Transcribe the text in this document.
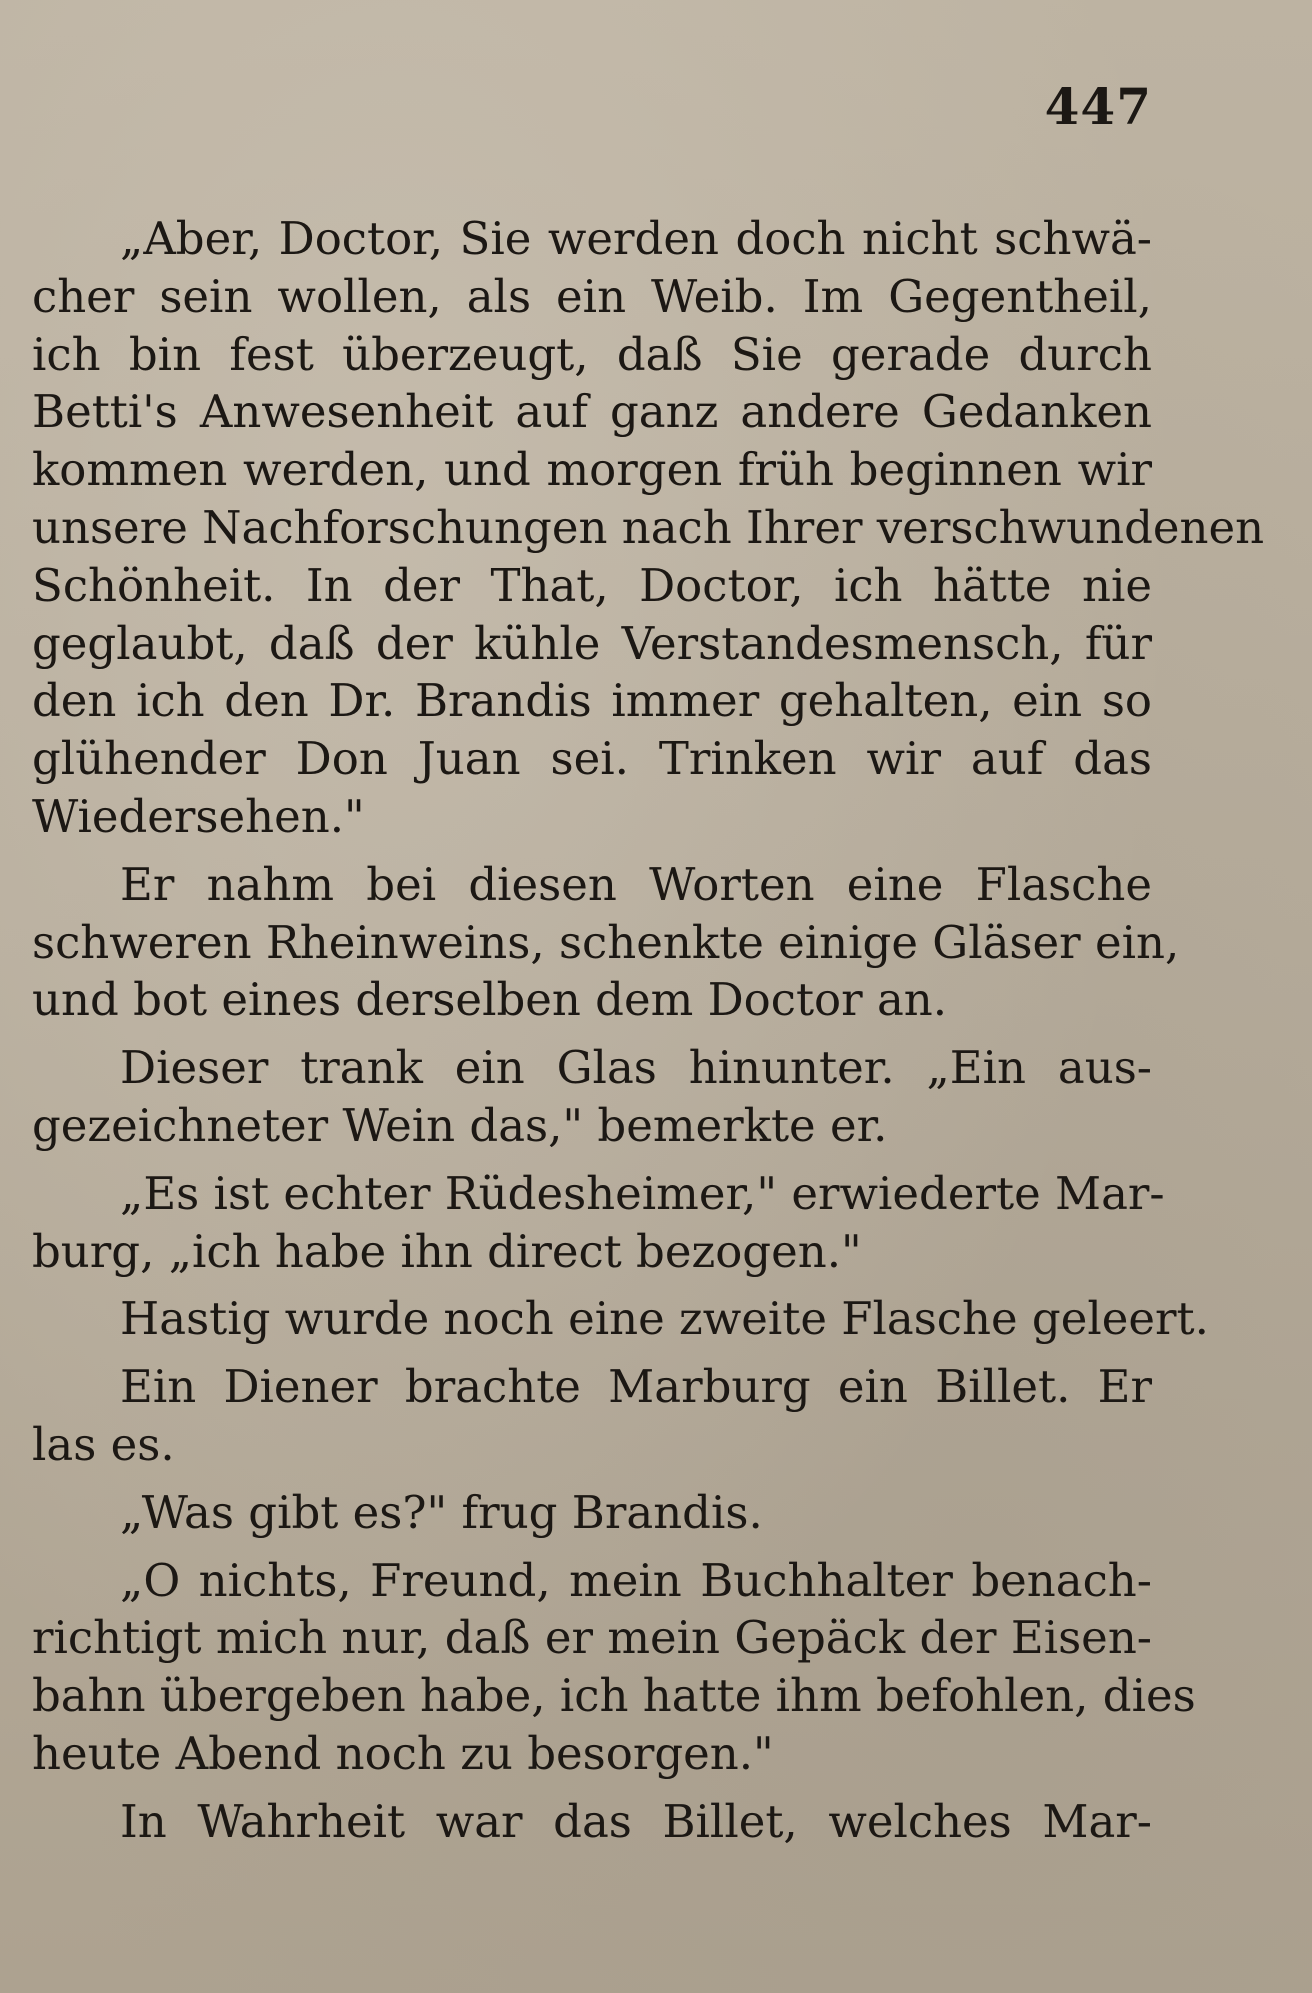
447

„Aber, Doctor, Sie werden doch nicht schwä-
cher sein wollen, als ein Weib. Im Gegentheil,
ich bin fest überzeugt, daß Sie gerade durch
Betti's Anwesenheit auf ganz andere Gedanken
kommen werden, und morgen früh beginnen wir
unsere Nachforschungen nach Ihrer verschwundenen
Schönheit. In der That, Doctor, ich hätte nie
geglaubt, daß der kühle Verstandesmensch, für
den ich den Dr. Brandis immer gehalten, ein so
glühender Don Juan sei. Trinken wir auf das
Wiedersehen."

Er nahm bei diesen Worten eine Flasche
schweren Rheinweins, schenkte einige Gläser ein,
und bot eines derselben dem Doctor an.

Dieser trank ein Glas hinunter. „Ein aus-
gezeichneter Wein das," bemerkte er.

„Es ist echter Rüdesheimer," erwiederte Mar-
burg, „ich habe ihn direct bezogen."

Hastig wurde noch eine zweite Flasche geleert.

Ein Diener brachte Marburg ein Billet. Er
las es.

„Was gibt es?" frug Brandis.

„O nichts, Freund, mein Buchhalter benach-
richtigt mich nur, daß er mein Gepäck der Eisen-
bahn übergeben habe, ich hatte ihm befohlen, dies
heute Abend noch zu besorgen."

In Wahrheit war das Billet, welches Mar-
